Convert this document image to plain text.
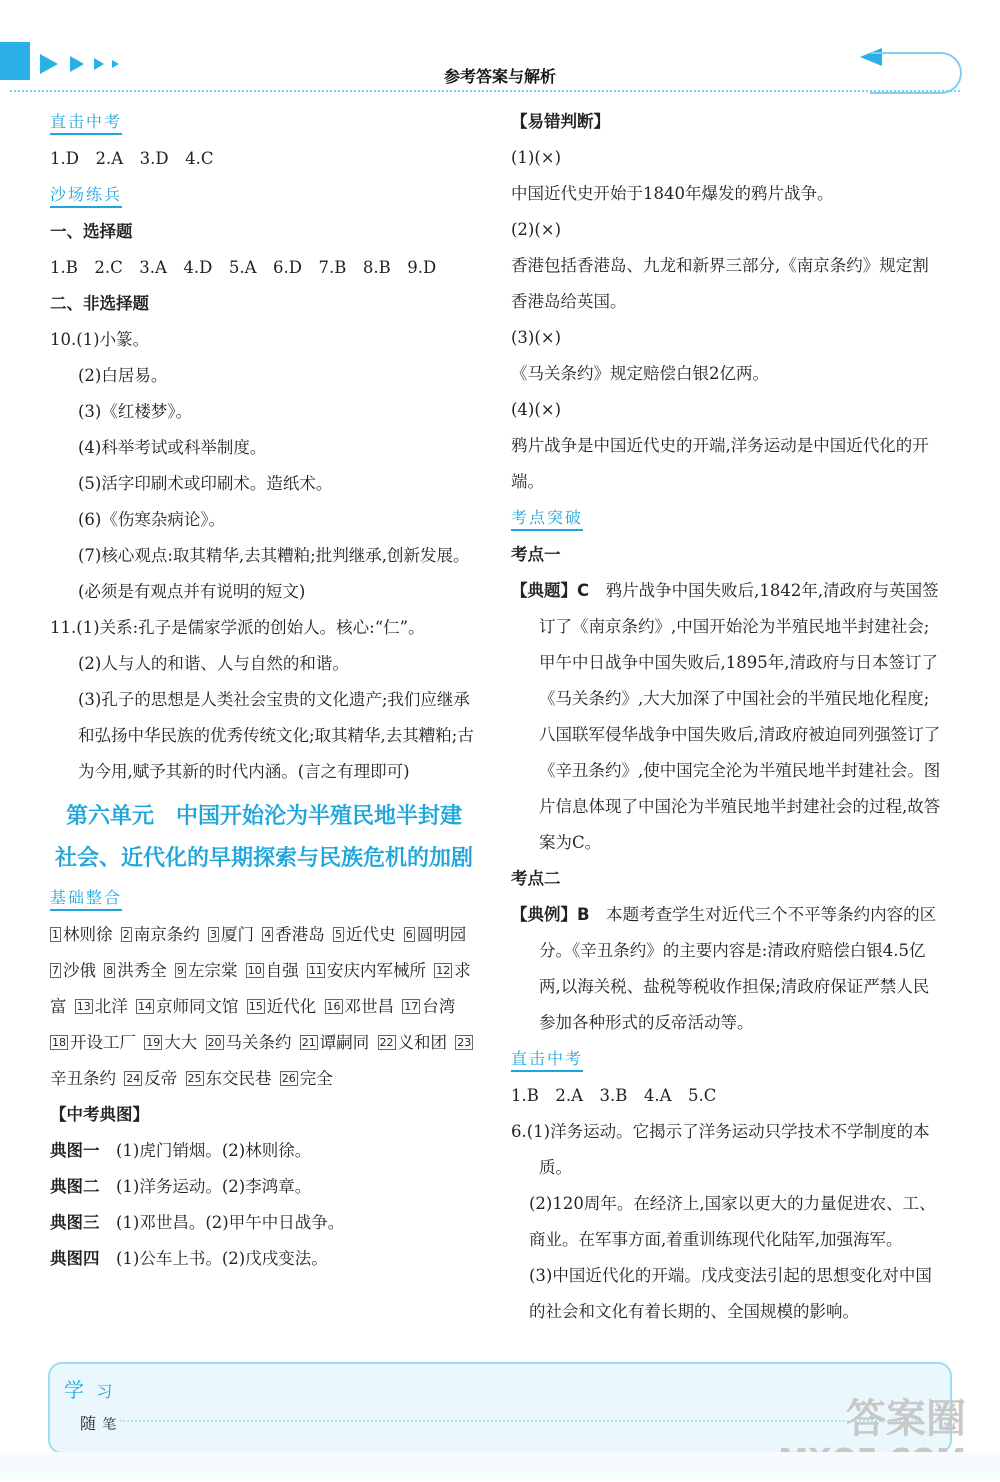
参考答案与解析
直击中考

1.D　2.A　3.D　4.C

沙场练兵

一、选择题

1.B　2.C　3.A　4.D　5.A　6.D　7.B　8.B　9.D

二、非选择题

10.(1)小篆。

(2)白居易。

(3)《红楼梦》。

(4)科举考试或科举制度。

(5)活字印刷术或印刷术。造纸术。

(6)《伤寒杂病论》。

(7)核心观点:取其精华,去其糟粕;批判继承,创新发展。(必须是有观点并有说明的短文)

11.(1)关系:孔子是儒家学派的创始人。核心:“仁”。

(2)人与人的和谐、人与自然的和谐。

(3)孔子的思想是人类社会宝贵的文化遗产;我们应继承和弘扬中华民族的优秀传统文化;取其精华,去其糟粕;古为今用,赋予其新的时代内涵。(言之有理即可)

第六单元　中国开始沦为半殖民地半封建
社会、近代化的早期探索与民族危机的加剧
基础整合

1 林则徐  2 南京条约  3 厦门  4 香港岛  5 近代史  6 圆明园 7 沙俄  8 洪秀全  9 左宗棠  10 自强  11 安庆内军械所  12 求富  13 北洋  14 京师同文馆  15 近代化  16 邓世昌  17 台湾 18 开设工厂  19 大大  20 马关条约  21 谭嗣同  22 义和团  23辛丑条约  24 反帝  25 东交民巷  26 完全 

【中考典图】

典图一　 (1)虎门销烟。(2)林则徐。

典图二　 (1)洋务运动。(2)李鸿章。

典图三　 (1)邓世昌。(2)甲午中日战争。

典图四　 (1)公车上书。(2)戊戌变法。

【易错判断】

(1)(×)

中国近代史开始于1840年爆发的鸦片战争。

(2)(×)

香港包括香港岛、九龙和新界三部分,《南京条约》规定割香港岛给英国。

(3)(×)

《马关条约》规定赔偿白银2亿两。

(4)(×)

鸦片战争是中国近代史的开端,洋务运动是中国近代化的开端。

考点突破

考点一

【典题】C　 鸦片战争中国失败后,1842年,清政府与英国签订了《南京条约》,中国开始沦为半殖民地半封建社会;甲午中日战争中国失败后,1895年,清政府与日本签订了《马关条约》,大大加深了中国社会的半殖民地化程度;八国联军侵华战争中国失败后,清政府被迫同列强签订了《辛丑条约》,使中国完全沦为半殖民地半封建社会。图片信息体现了中国沦为半殖民地半封建社会的过程,故答案为C。

考点二

【典例】B　 本题考查学生对近代三个不平等条约内容的区分。《辛丑条约》的主要内容是:清政府赔偿白银4.5亿两,以海关税、盐税等税收作担保;清政府保证严禁人民参加各种形式的反帝活动等。

直击中考

1.B　2.A　3.B　4.A　5.C

6.(1)洋务运动。它揭示了洋务运动只学技术不学制度的本质。

(2)120周年。在经济上,国家以更大的力量促进农、工、商业。在军事方面,着重训练现代化陆军,加强海军。

(3)中国近代化的开端。戊戌变法引起的思想变化对中国的社会和文化有着长期的、全国规模的影响。

学 习
随 笔	答案圈
